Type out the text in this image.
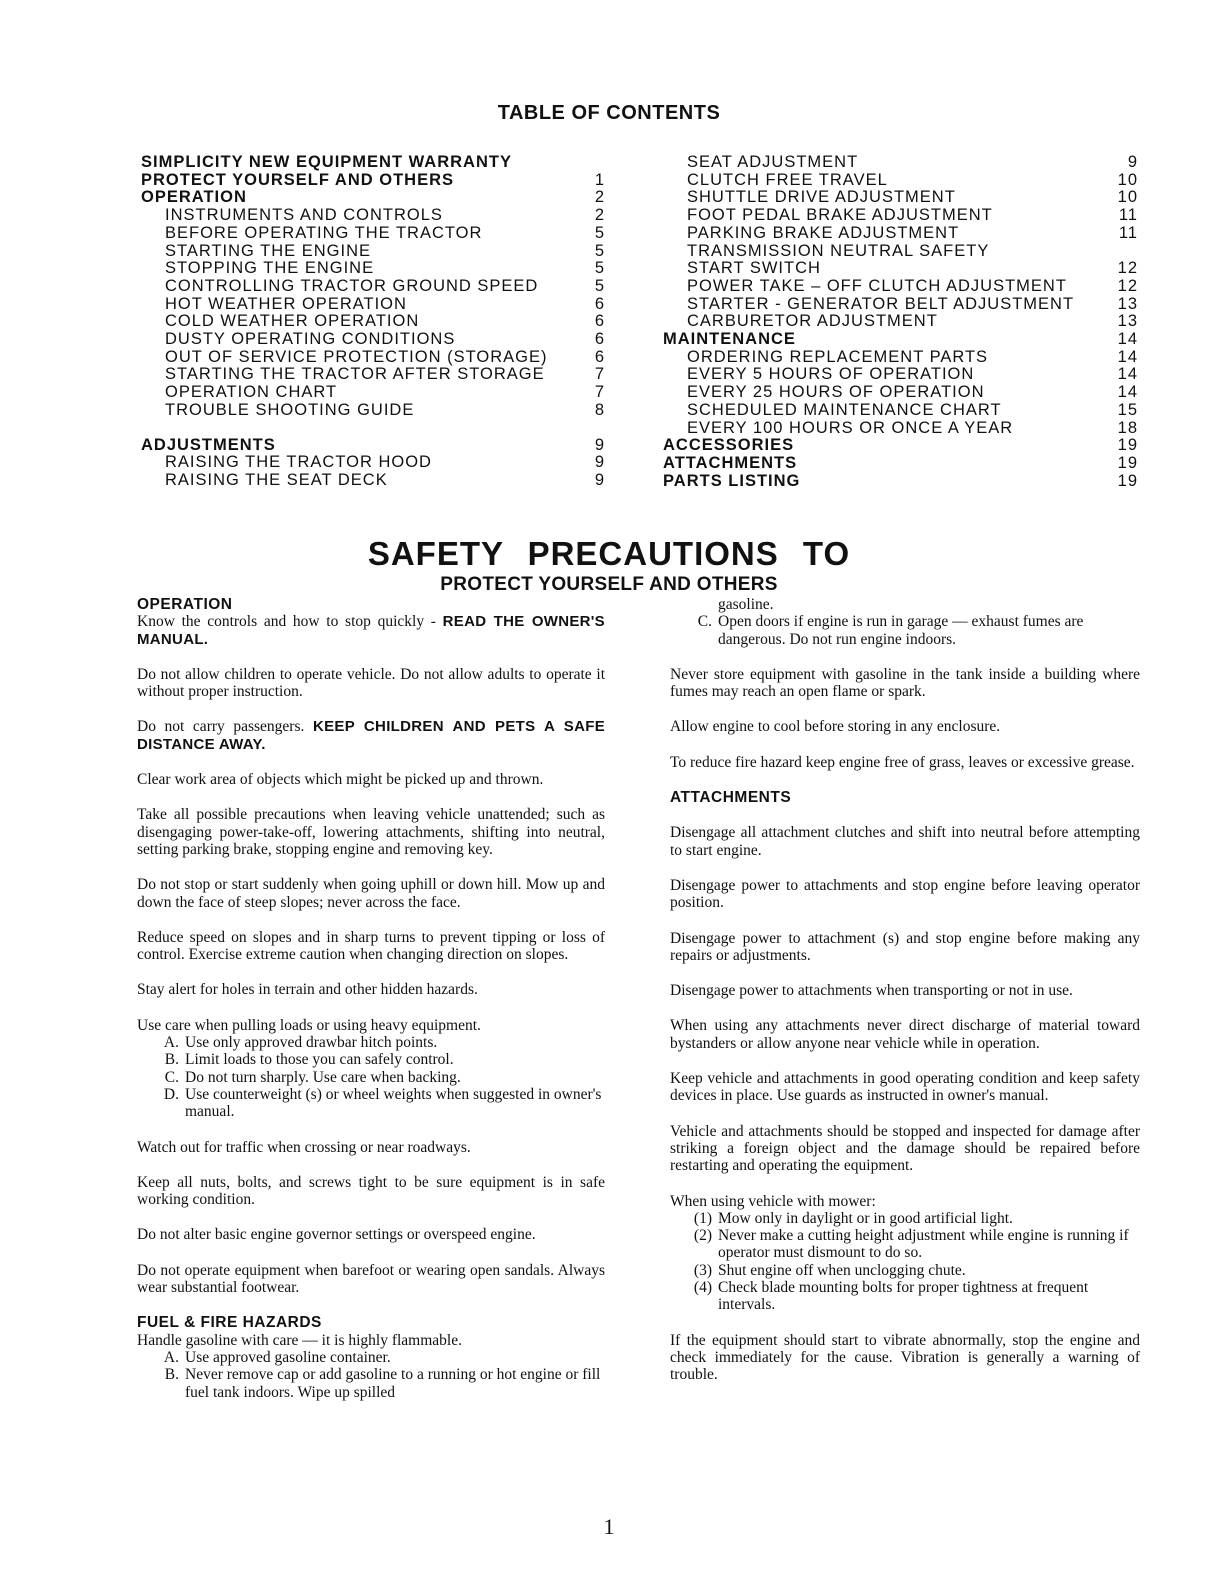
TABLE OF CONTENTS
SIMPLICITY NEW EQUIPMENT WARRANTY
PROTECT YOURSELF AND OTHERS	1
OPERATION	2
INSTRUMENTS AND CONTROLS	2
BEFORE OPERATING THE TRACTOR	5
STARTING THE ENGINE	5
STOPPING THE ENGINE	5
CONTROLLING TRACTOR GROUND SPEED	5
HOT WEATHER OPERATION	6
COLD WEATHER OPERATION	6
DUSTY OPERATING CONDITIONS	6
OUT OF SERVICE PROTECTION (STORAGE)	6
STARTING THE TRACTOR AFTER STORAGE	7
OPERATION CHART	7
TROUBLE SHOOTING GUIDE	8
ADJUSTMENTS	9
RAISING THE TRACTOR HOOD	9
RAISING THE SEAT DECK	9
SEAT ADJUSTMENT	9
CLUTCH FREE TRAVEL	10
SHUTTLE DRIVE ADJUSTMENT	10
FOOT PEDAL BRAKE ADJUSTMENT	11
PARKING BRAKE ADJUSTMENT	11
TRANSMISSION NEUTRAL SAFETY
START SWITCH	12
POWER TAKE – OFF CLUTCH ADJUSTMENT	12
STARTER - GENERATOR BELT ADJUSTMENT	13
CARBURETOR ADJUSTMENT	13
MAINTENANCE	14
ORDERING REPLACEMENT PARTS	14
EVERY 5 HOURS OF OPERATION	14
EVERY 25 HOURS OF OPERATION	14
SCHEDULED MAINTENANCE CHART	15
EVERY 100 HOURS OR ONCE A YEAR	18
ACCESSORIES	19
ATTACHMENTS	19
PARTS LISTING	19
SAFETY PRECAUTIONS TO
PROTECT YOURSELF AND OTHERS
OPERATION

Know the controls and how to stop quickly - READ THE OWNER'S MANUAL.

Do not allow children to operate vehicle. Do not allow adults to operate it without proper instruction.

Do not carry passengers. KEEP CHILDREN AND PETS A SAFE DISTANCE AWAY.

Clear work area of objects which might be picked up and thrown.

Take all possible precautions when leaving vehicle unattended; such as disengaging power-take-off, lowering attachments, shifting into neutral, setting parking brake, stopping engine and removing key.

Do not stop or start suddenly when going uphill or down hill. Mow up and down the face of steep slopes; never across the face.

Reduce speed on slopes and in sharp turns to prevent tipping or loss of control. Exercise extreme caution when changing direction on slopes.

Stay alert for holes in terrain and other hidden hazards.

Use care when pulling loads or using heavy equipment.

A. Use only approved drawbar hitch points.
B. Limit loads to those you can safely control.
C. Do not turn sharply. Use care when backing.
D. Use counterweight (s) or wheel weights when suggested in owner's manual.

Watch out for traffic when crossing or near roadways.

Keep all nuts, bolts, and screws tight to be sure equipment is in safe working condition.

Do not alter basic engine governor settings or overspeed engine.

Do not operate equipment when barefoot or wearing open sandals. Always wear substantial footwear.

FUEL & FIRE HAZARDS

Handle gasoline with care — it is highly flammable.

A. Use approved gasoline container.
B. Never remove cap or add gasoline to a running or hot engine or fill fuel tank indoors. Wipe up spilled
gasoline.
C. Open doors if engine is run in garage — exhaust fumes are dangerous. Do not run engine indoors.

Never store equipment with gasoline in the tank inside a building where fumes may reach an open flame or spark.

Allow engine to cool before storing in any enclosure.

To reduce fire hazard keep engine free of grass, leaves or excessive grease.

ATTACHMENTS

Disengage all attachment clutches and shift into neutral before attempting to start engine.

Disengage power to attachments and stop engine before leaving operator position.

Disengage power to attachment (s) and stop engine before making any repairs or adjustments.

Disengage power to attachments when transporting or not in use.

When using any attachments never direct discharge of material toward bystanders or allow anyone near vehicle while in operation.

Keep vehicle and attachments in good operating condition and keep safety devices in place. Use guards as instructed in owner's manual.

Vehicle and attachments should be stopped and inspected for damage after striking a foreign object and the damage should be repaired before restarting and operating the equipment.

When using vehicle with mower:

(1) Mow only in daylight or in good artificial light.
(2) Never make a cutting height adjustment while engine is running if operator must dismount to do so.
(3) Shut engine off when unclogging chute.
(4) Check blade mounting bolts for proper tightness at frequent intervals.

If the equipment should start to vibrate abnormally, stop the engine and check immediately for the cause. Vibration is generally a warning of trouble.

1
